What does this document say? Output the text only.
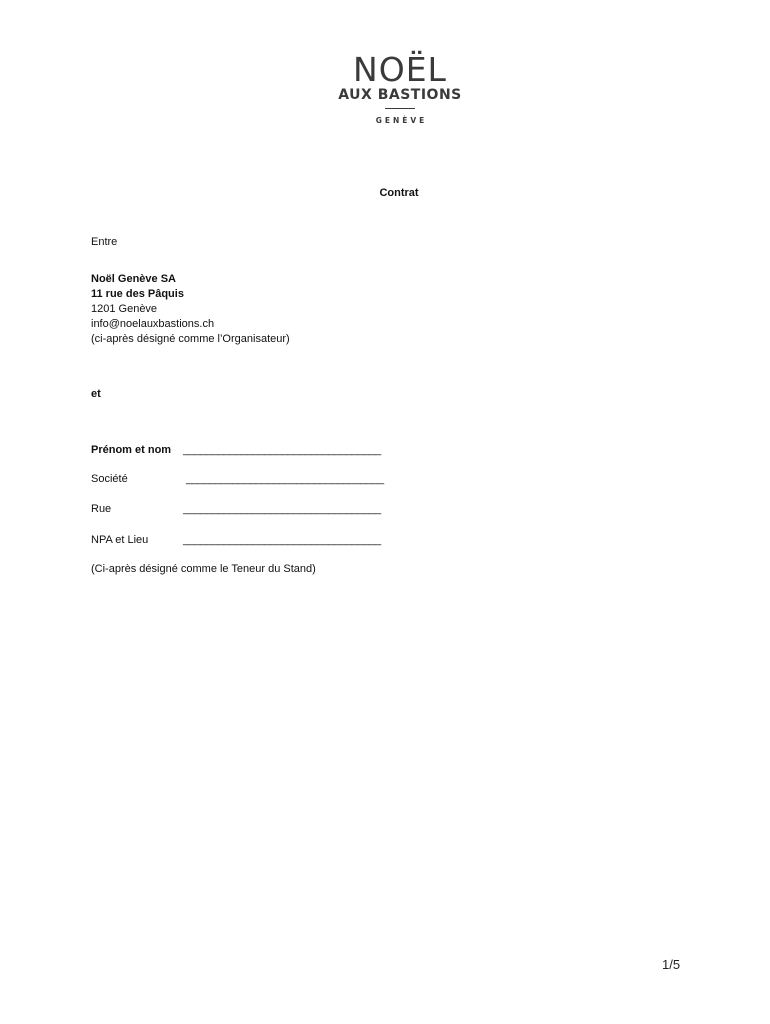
NOËL
AUX BASTIONS
GENÈVE
Contrat
Entre
Noël Genève SA
11 rue des Pâquis
1201 Genève
info@noelauxbastions.ch
(ci-après désigné comme l’Organisateur)
et
Prénom et nom __________________________________
Société	__________________________________
Rue	__________________________________
NPA et Lieu	__________________________________
(Ci-après désigné comme le Teneur du Stand)
1/5
